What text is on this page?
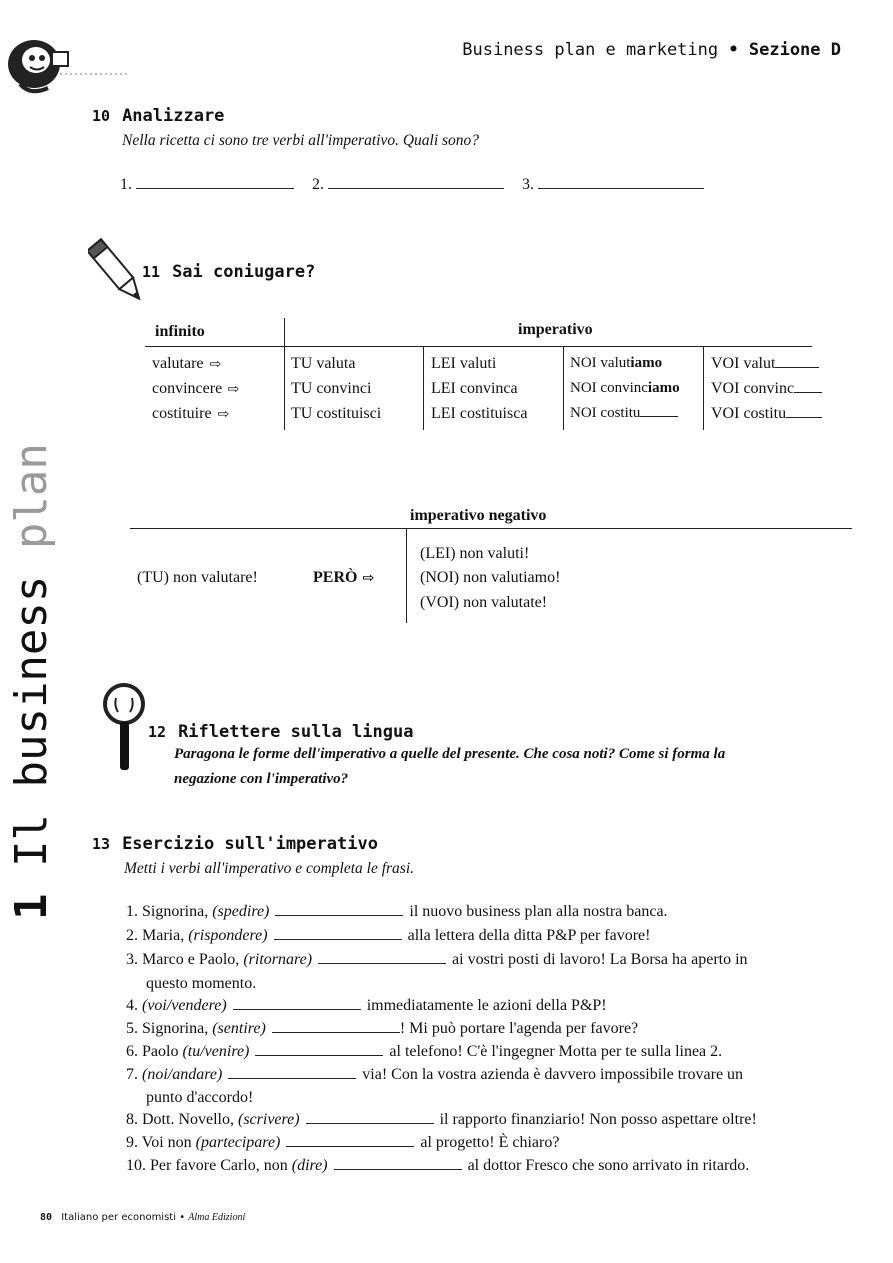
Business plan e marketing • Sezione D
10 Analizzare
Nella ricetta ci sono tre verbi all'imperativo. Quali sono?
1.	2.	3.
11 Sai coniugare?
infinito	imperativo
valutare ⇨	TU valuta	LEI valuti	NOI valutiamo	VOI valut
convincere ⇨	TU convinci	LEI convinca	NOI convinciamo VOI convinc
costituire ⇨	TU costituisci	LEI costituisca	NOI costitu	VOI costitu
imperativo negativo
(TU) non valutare!	PERÒ ⇨
(LEI) non valuti!
(NOI) non valutiamo!
(VOI) non valutate!
12 Riflettere sulla lingua
Paragona le forme dell'imperativo a quelle del presente. Che cosa noti? Come si forma la
negazione con l'imperativo?
13 Esercizio sull'imperativo
Metti i verbi all'imperativo e completa le frasi.
1. Signorina, (spedire)	il nuovo business plan alla nostra banca.
2. Maria, (rispondere)	alla lettera della ditta P&P per favore!
3. Marco e Paolo, (ritornare)	ai vostri posti di lavoro! La Borsa ha aperto in
questo momento.
4. (voi/vendere)	immediatamente le azioni della P&P!
5. Signorina, (sentire)	! Mi può portare l'agenda per favore?
6. Paolo (tu/venire)	al telefono! C'è l'ingegner Motta per te sulla linea 2.
7. (noi/andare)	via! Con la vostra azienda è davvero impossibile trovare un
punto d'accordo!
8. Dott. Novello, (scrivere)	il rapporto finanziario! Non posso aspettare oltre!
9. Voi non (partecipare)	al progetto! È chiaro?
10. Per favore Carlo, non (dire)	al dottor Fresco che sono arrivato in ritardo.
1 Il business plan
80 Italiano per economisti • Alma Edizioni
